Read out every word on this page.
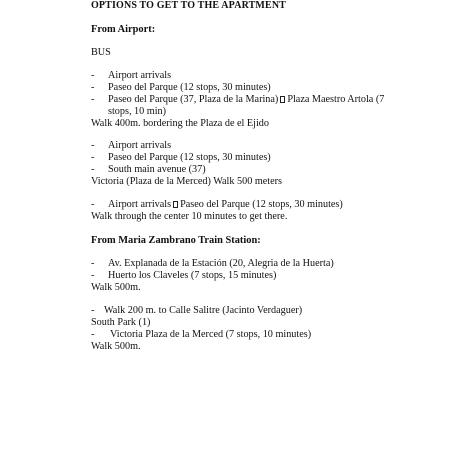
OPTIONS TO GET TO THE APARTMENT
From Airport:
BUS
- Airport arrivals
- Paseo del Parque (12 stops, 30 minutes)
- Paseo del Parque (37, Plaza de la Marina) Plaza Maestro Artola (7
stops, 10 min)
Walk 400m. bordering the Plaza de el Ejido
- Airport arrivals
- Paseo del Parque (12 stops, 30 minutes)
- South main avenue (37)
Victoria (Plaza de la Merced) Walk 500 meters
- Airport arrivals Paseo del Parque (12 stops, 30 minutes)
Walk through the center 10 minutes to get there.
From Maria Zambrano Train Station:
- Av. Explanada de la Estación (20, Alegria de la Huerta)
- Huerto los Claveles (7 stops, 15 minutes)
Walk 500m.
- Walk 200 m. to Calle Salitre (Jacinto Verdaguer)
South Park (1)
- Victoria Plaza de la Merced (7 stops, 10 minutes)
Walk 500m.
